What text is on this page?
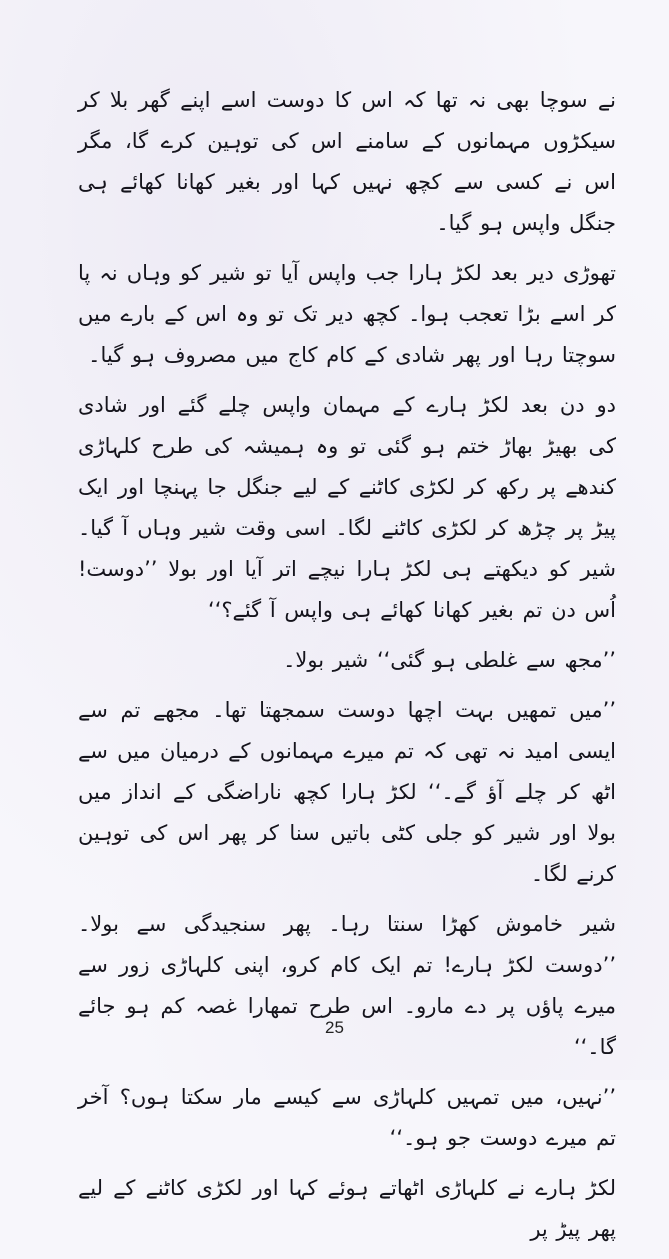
نے سوچا بھی نہ تھا کہ اس کا دوست اسے اپنے گھر بلا کر سیکڑوں مہمانوں کے سامنے اس کی توہین کرے گا، مگر اس نے کسی سے کچھ نہیں کہا اور بغیر کھانا کھائے ہی جنگل واپس ہو گیا۔

تھوڑی دیر بعد لکڑ ہارا جب واپس آیا تو شیر کو وہاں نہ پا کر اسے بڑا تعجب ہوا۔ کچھ دیر تک تو وہ اس کے بارے میں سوچتا رہا اور پھر شادی کے کام کاج میں مصروف ہو گیا۔

دو دن بعد لکڑ ہارے کے مہمان واپس چلے گئے اور شادی کی بھیڑ بھاڑ ختم ہو گئی تو وہ ہمیشہ کی طرح کلہاڑی کندھے پر رکھ کر لکڑی کاٹنے کے لیے جنگل جا پہنچا اور ایک پیڑ پر چڑھ کر لکڑی کاٹنے لگا۔ اسی وقت شیر وہاں آ گیا۔ شیر کو دیکھتے ہی لکڑ ہارا نیچے اتر آیا اور بولا ’’دوست! اُس دن تم بغیر کھانا کھائے ہی واپس آ گئے؟‘‘

’’مجھ سے غلطی ہو گئی‘‘ شیر بولا۔

’’میں تمھیں بہت اچھا دوست سمجھتا تھا۔ مجھے تم سے ایسی امید نہ تھی کہ تم میرے مہمانوں کے درمیان میں سے اٹھ کر چلے آؤ گے۔‘‘ لکڑ ہارا کچھ ناراضگی کے انداز میں بولا اور شیر کو جلی کٹی باتیں سنا کر پھر اس کی توہین کرنے لگا۔

شیر خاموش کھڑا سنتا رہا۔ پھر سنجیدگی سے بولا۔ ’’دوست لکڑ ہارے! تم ایک کام کرو، اپنی کلہاڑی زور سے میرے پاؤں پر دے مارو۔ اس طرح تمھارا غصہ کم ہو جائے گا۔‘‘

’’نہیں، میں تمہیں کلہاڑی سے کیسے مار سکتا ہوں؟ آخر تم میرے دوست جو ہو۔‘‘

لکڑ ہارے نے کلہاڑی اٹھاتے ہوئے کہا اور لکڑی کاٹنے کے لیے پھر پیڑ پر

25
